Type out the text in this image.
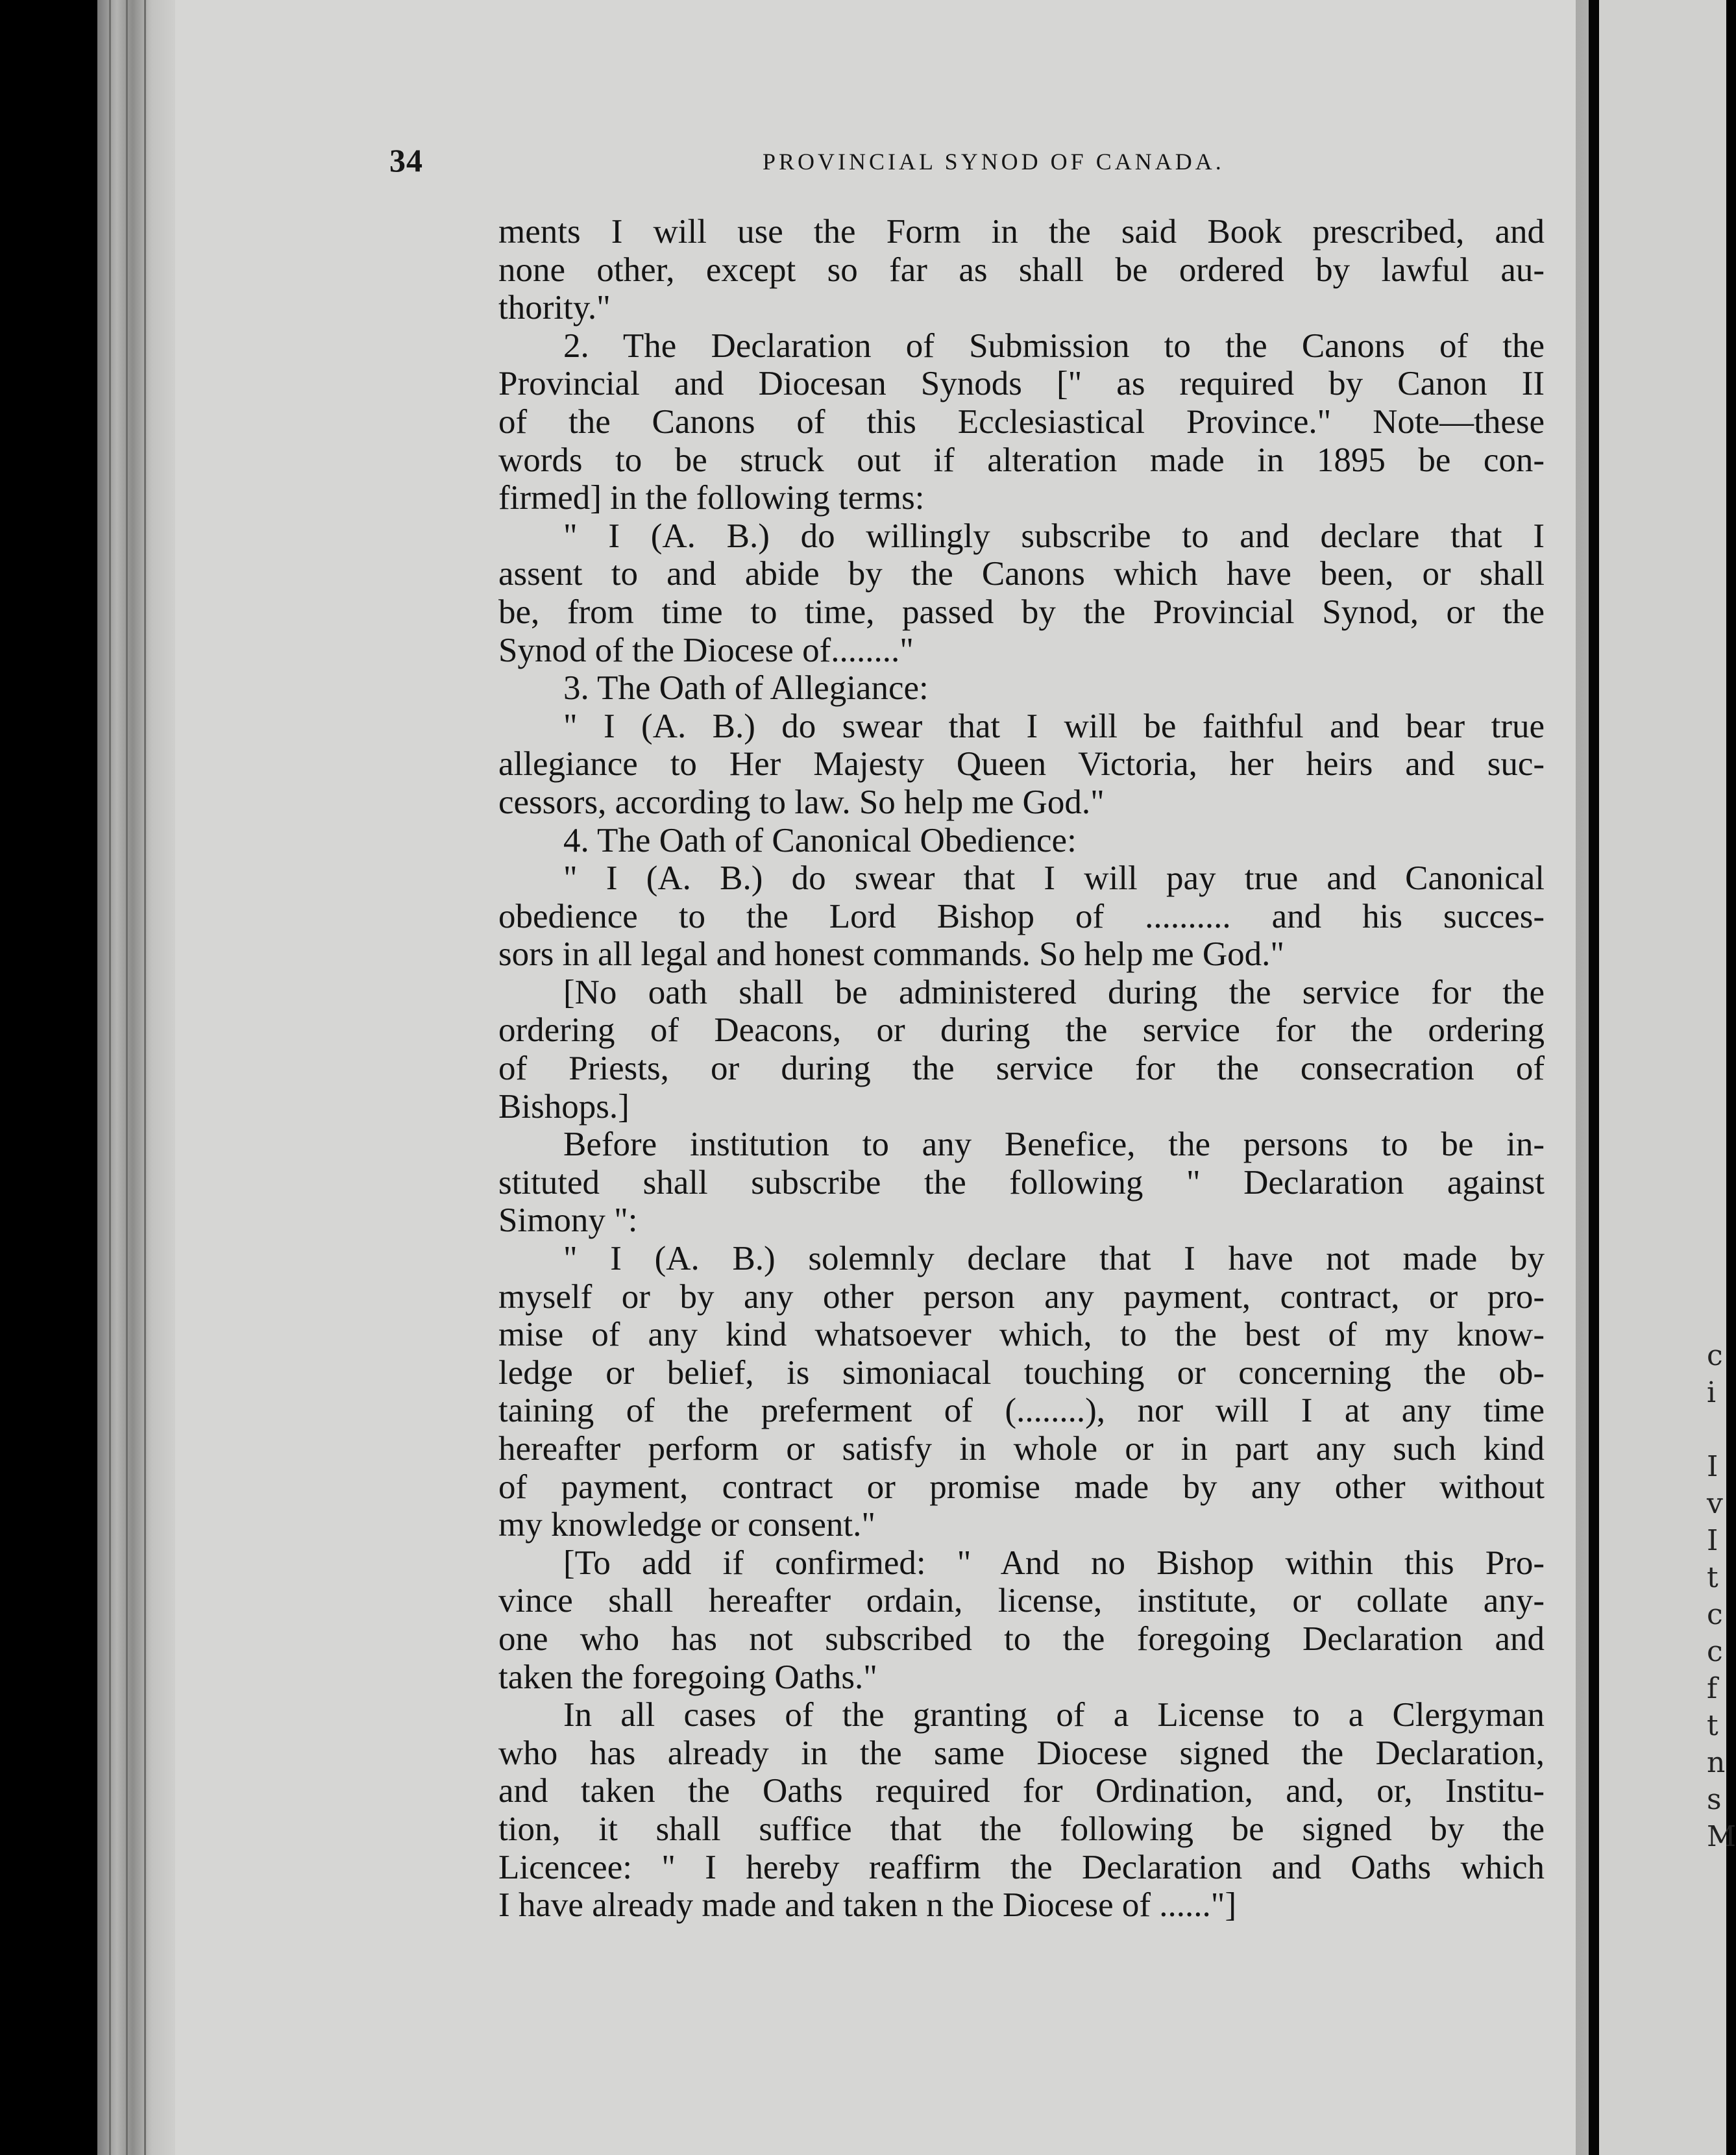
34	PROVINCIAL SYNOD OF CANADA.
ments I will use the Form in the said Book prescribed, and
none other, except so far as shall be ordered by lawful au-
thority."
2. The Declaration of Submission to the Canons of the
Provincial and Diocesan Synods [" as required by Canon II
of the Canons of this Ecclesiastical Province." Note—these
words to be struck out if alteration made in 1895 be con-
firmed] in the following terms:
" I (A. B.) do willingly subscribe to and declare that I
assent to and abide by the Canons which have been, or shall
be, from time to time, passed by the Provincial Synod, or the
Synod of the Diocese of........"
3. The Oath of Allegiance:
" I (A. B.) do swear that I will be faithful and bear true
allegiance to Her Majesty Queen Victoria, her heirs and suc-
cessors, according to law. So help me God."
4. The Oath of Canonical Obedience:
" I (A. B.) do swear that I will pay true and Canonical
obedience to the Lord Bishop of .......... and his succes-
sors in all legal and honest commands. So help me God."
[No oath shall be administered during the service for the
ordering of Deacons, or during the service for the ordering
of Priests, or during the service for the consecration of
Bishops.]
Before institution to any Benefice, the persons to be in-
stituted shall subscribe the following " Declaration against
Simony ":
" I (A. B.) solemnly declare that I have not made by
myself or by any other person any payment, contract, or pro-
mise of any kind whatsoever which, to the best of my know-
ledge or belief, is simoniacal touching or concerning the ob-
taining of the preferment of (........), nor will I at any time
hereafter perform or satisfy in whole or in part any such kind
of payment, contract or promise made by any other without
my knowledge or consent."
[To add if confirmed: " And no Bishop within this Pro-
vince shall hereafter ordain, license, institute, or collate any-
one who has not subscribed to the foregoing Declaration and
taken the foregoing Oaths."
In all cases of the granting of a License to a Clergyman
who has already in the same Diocese signed the Declaration,
and taken the Oaths required for Ordination, and, or, Institu-
tion, it shall suffice that the following be signed by the
Licencee: " I hereby reaffirm the Declaration and Oaths which
I have already made and taken n the Diocese of ......"]
c
i
I
v
I
t
c
c
f
t
n
s
M
